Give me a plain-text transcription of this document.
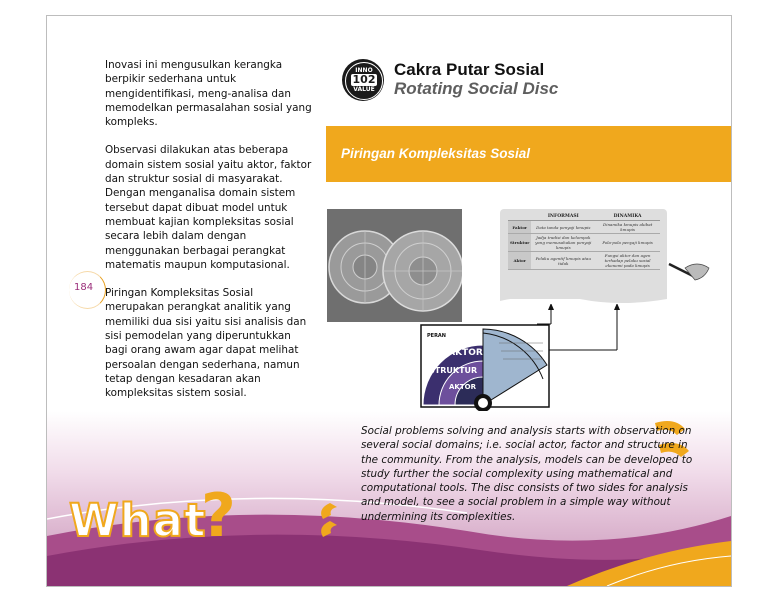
Inovasi ini mengusulkan kerangka berpikir sederhana untuk mengidentifikasi, meng-analisa dan memodelkan permasalahan sosial yang kompleks.

Observasi dilakukan atas beberapa domain sistem sosial yaitu aktor, faktor dan struktur sosial di masyarakat. Dengan menganalisa domain sistem tersebut dapat dibuat model untuk membuat kajian kompleksitas sosial secara lebih dalam dengan menggunakan berbagai perangkat matematis maupun komputasional.

Piringan Kompleksitas Sosial merupakan perangkat analitik yang memiliki dua sisi yaitu sisi analisis dan sisi pemodelan yang diperuntukkan bagi orang awam agar dapat melihat persoalan dengan sederhana, namun tetap dengan kesadaran akan kompleksitas sistem sosial.

184
INNO
102
VALUE
Cakra Putar Sosial
Rotating Social Disc
Piringan Kompleksitas Sosial
	INFORMASI	DINAMIKA
Faktor	Data tanda penyaji kmupis	Dinamika kmupis akibat kmupis
Struktur	Jadja tradisi dan kelompok yang memusahakan penyaji kmupis	Pola-pola penyaji kmupis
Aktor	Pelaku agentif kmupis atau tidak	Fungsi aktor dan agen terhadap pelaku sosial ekonomi pada kmupis
PERAN
FAKTOR
STRUKTUR
AKTOR
Social problems solving and analysis starts with observation on several social domains; i.e. social actor, factor and structure in the community. From the analysis, models can be developed to study further the social complexity using mathematical and computational tools. The disc consists of two sides for analysis and model, to see a social problem in a simple way without undermining its complexities.
What
?
